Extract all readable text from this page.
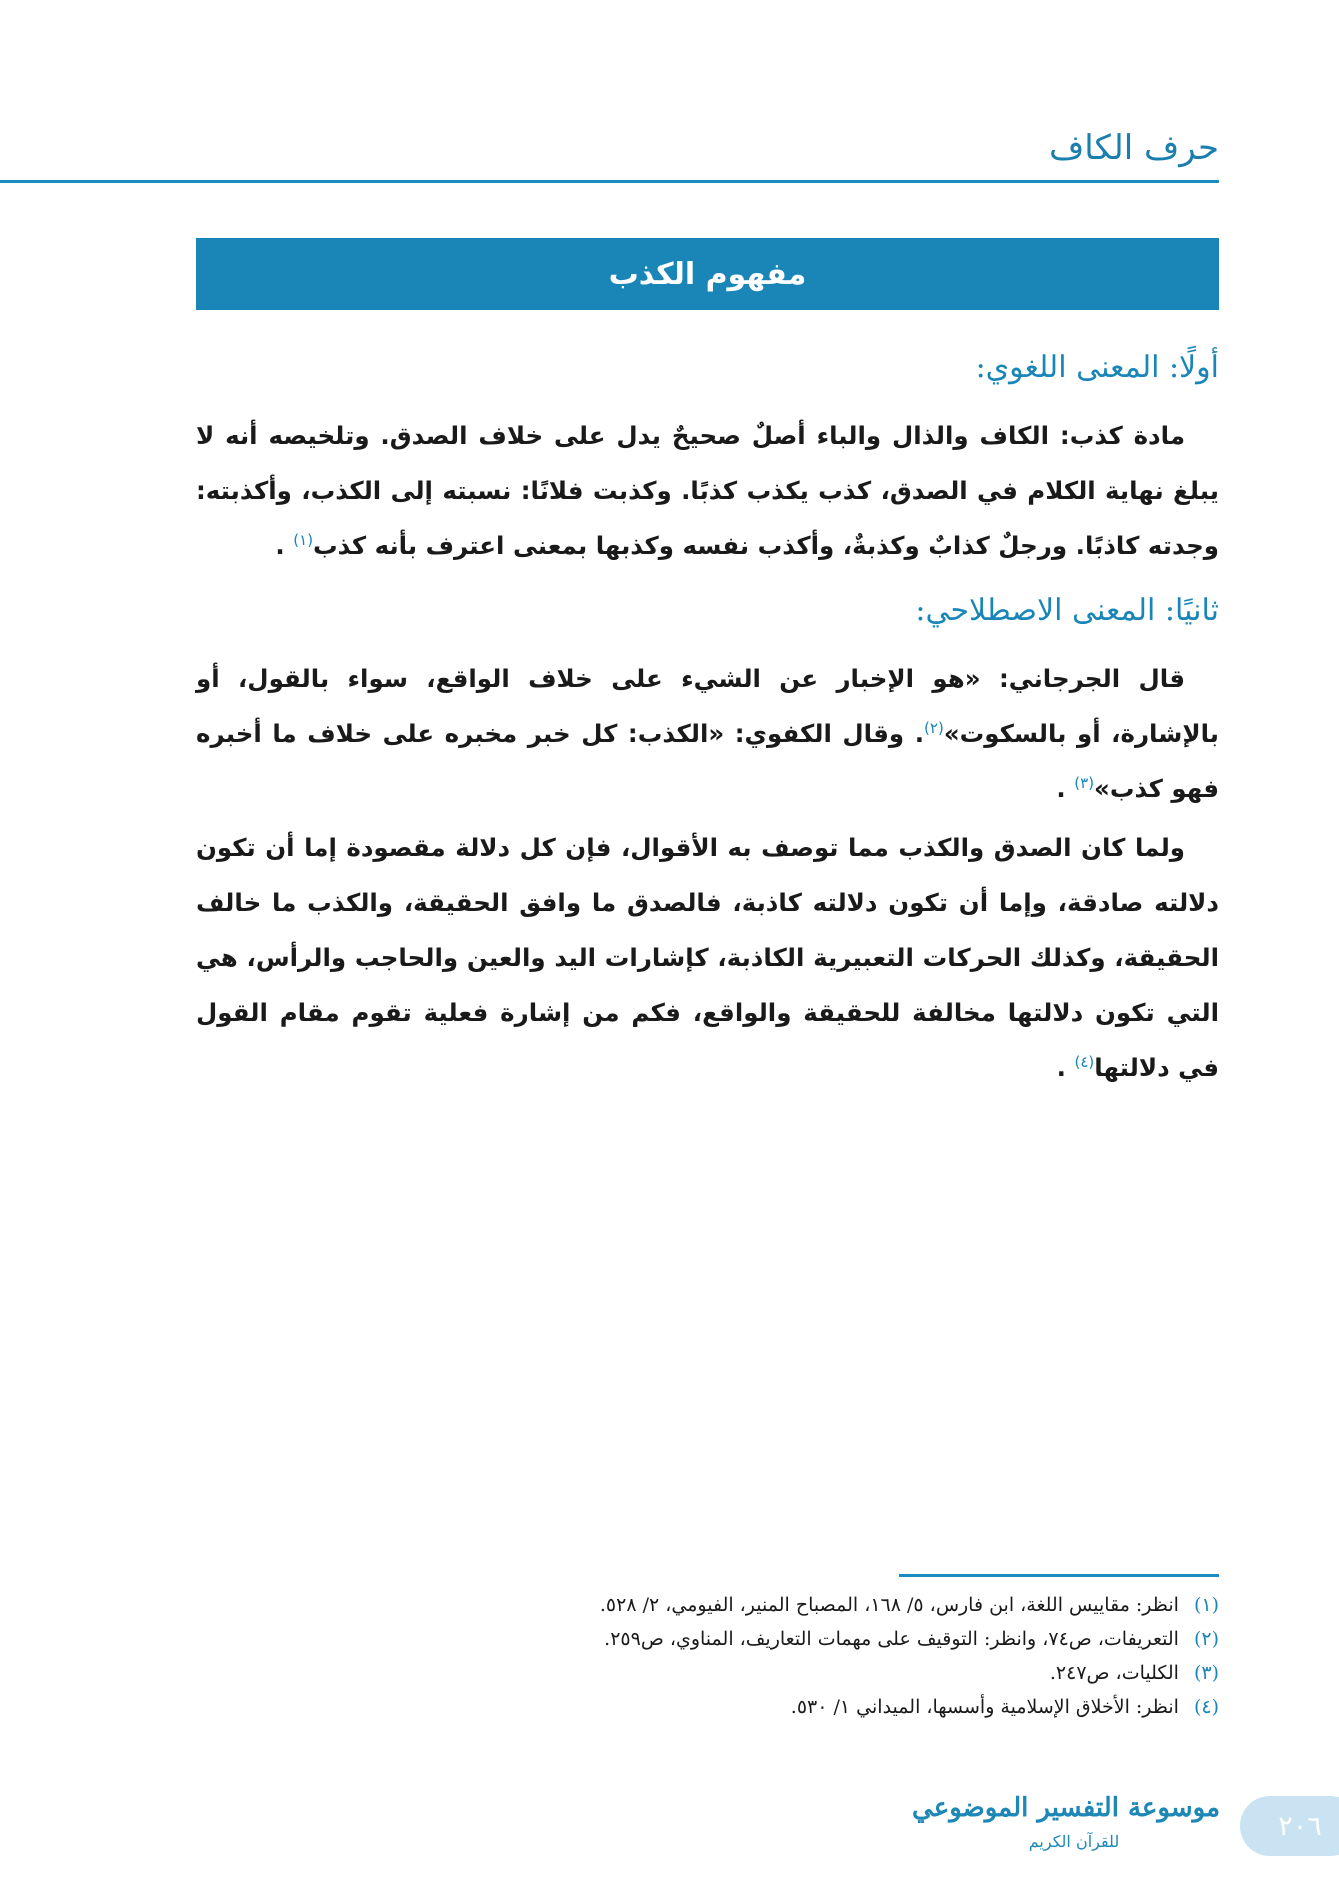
حرف الكاف
مفهوم الكذب
أولًا: المعنى اللغوي:

مادة كذب: الكاف والذال والباء أصلٌ صحيحٌ يدل على خلاف الصدق. وتلخيصه أنه لا يبلغ نهاية الكلام في الصدق، كذب يكذب كذبًا. وكذبت فلانًا: نسبته إلى الكذب، وأكذبته: وجدته كاذبًا. ورجلٌ كذابٌ وكذبةٌ، وأكذب نفسه وكذبها بمعنى اعترف بأنه كذب$^{(١)}$ .

ثانيًا: المعنى الاصطلاحي:

قال الجرجاني: «هو الإخبار عن الشيء على خلاف الواقع، سواء بالقول، أو بالإشارة، أو بالسكوت»$^{(٢)}$. وقال الكفوي: «الكذب: كل خبر مخبره على خلاف ما أخبره فهو كذب»$^{(٣)}$ .

ولما كان الصدق والكذب مما توصف به الأقوال، فإن كل دلالة مقصودة إما أن تكون دلالته صادقة، وإما أن تكون دلالته كاذبة، فالصدق ما وافق الحقيقة، والكذب ما خالف الحقيقة، وكذلك الحركات التعبيرية الكاذبة، كإشارات اليد والعين والحاجب والرأس، هي التي تكون دلالتها مخالفة للحقيقة والواقع، فكم من إشارة فعلية تقوم مقام القول في دلالتها$^{(٤)}$ .

(١) انظر: مقاييس اللغة، ابن فارس، ٥/ ١٦٨، المصباح المنير، الفيومي، ٢/ ٥٢٨.
(٢) التعريفات، ص٧٤، وانظر: التوقيف على مهمات التعاريف، المناوي، ص٢٥٩.
(٣) الكليات، ص٢٤٧.
(٤) انظر: الأخلاق الإسلامية وأسسها، الميداني ١/ ٥٣٠.
موسوعة التفسير الموضوعي
للقرآن الكريم	٢٠٦
